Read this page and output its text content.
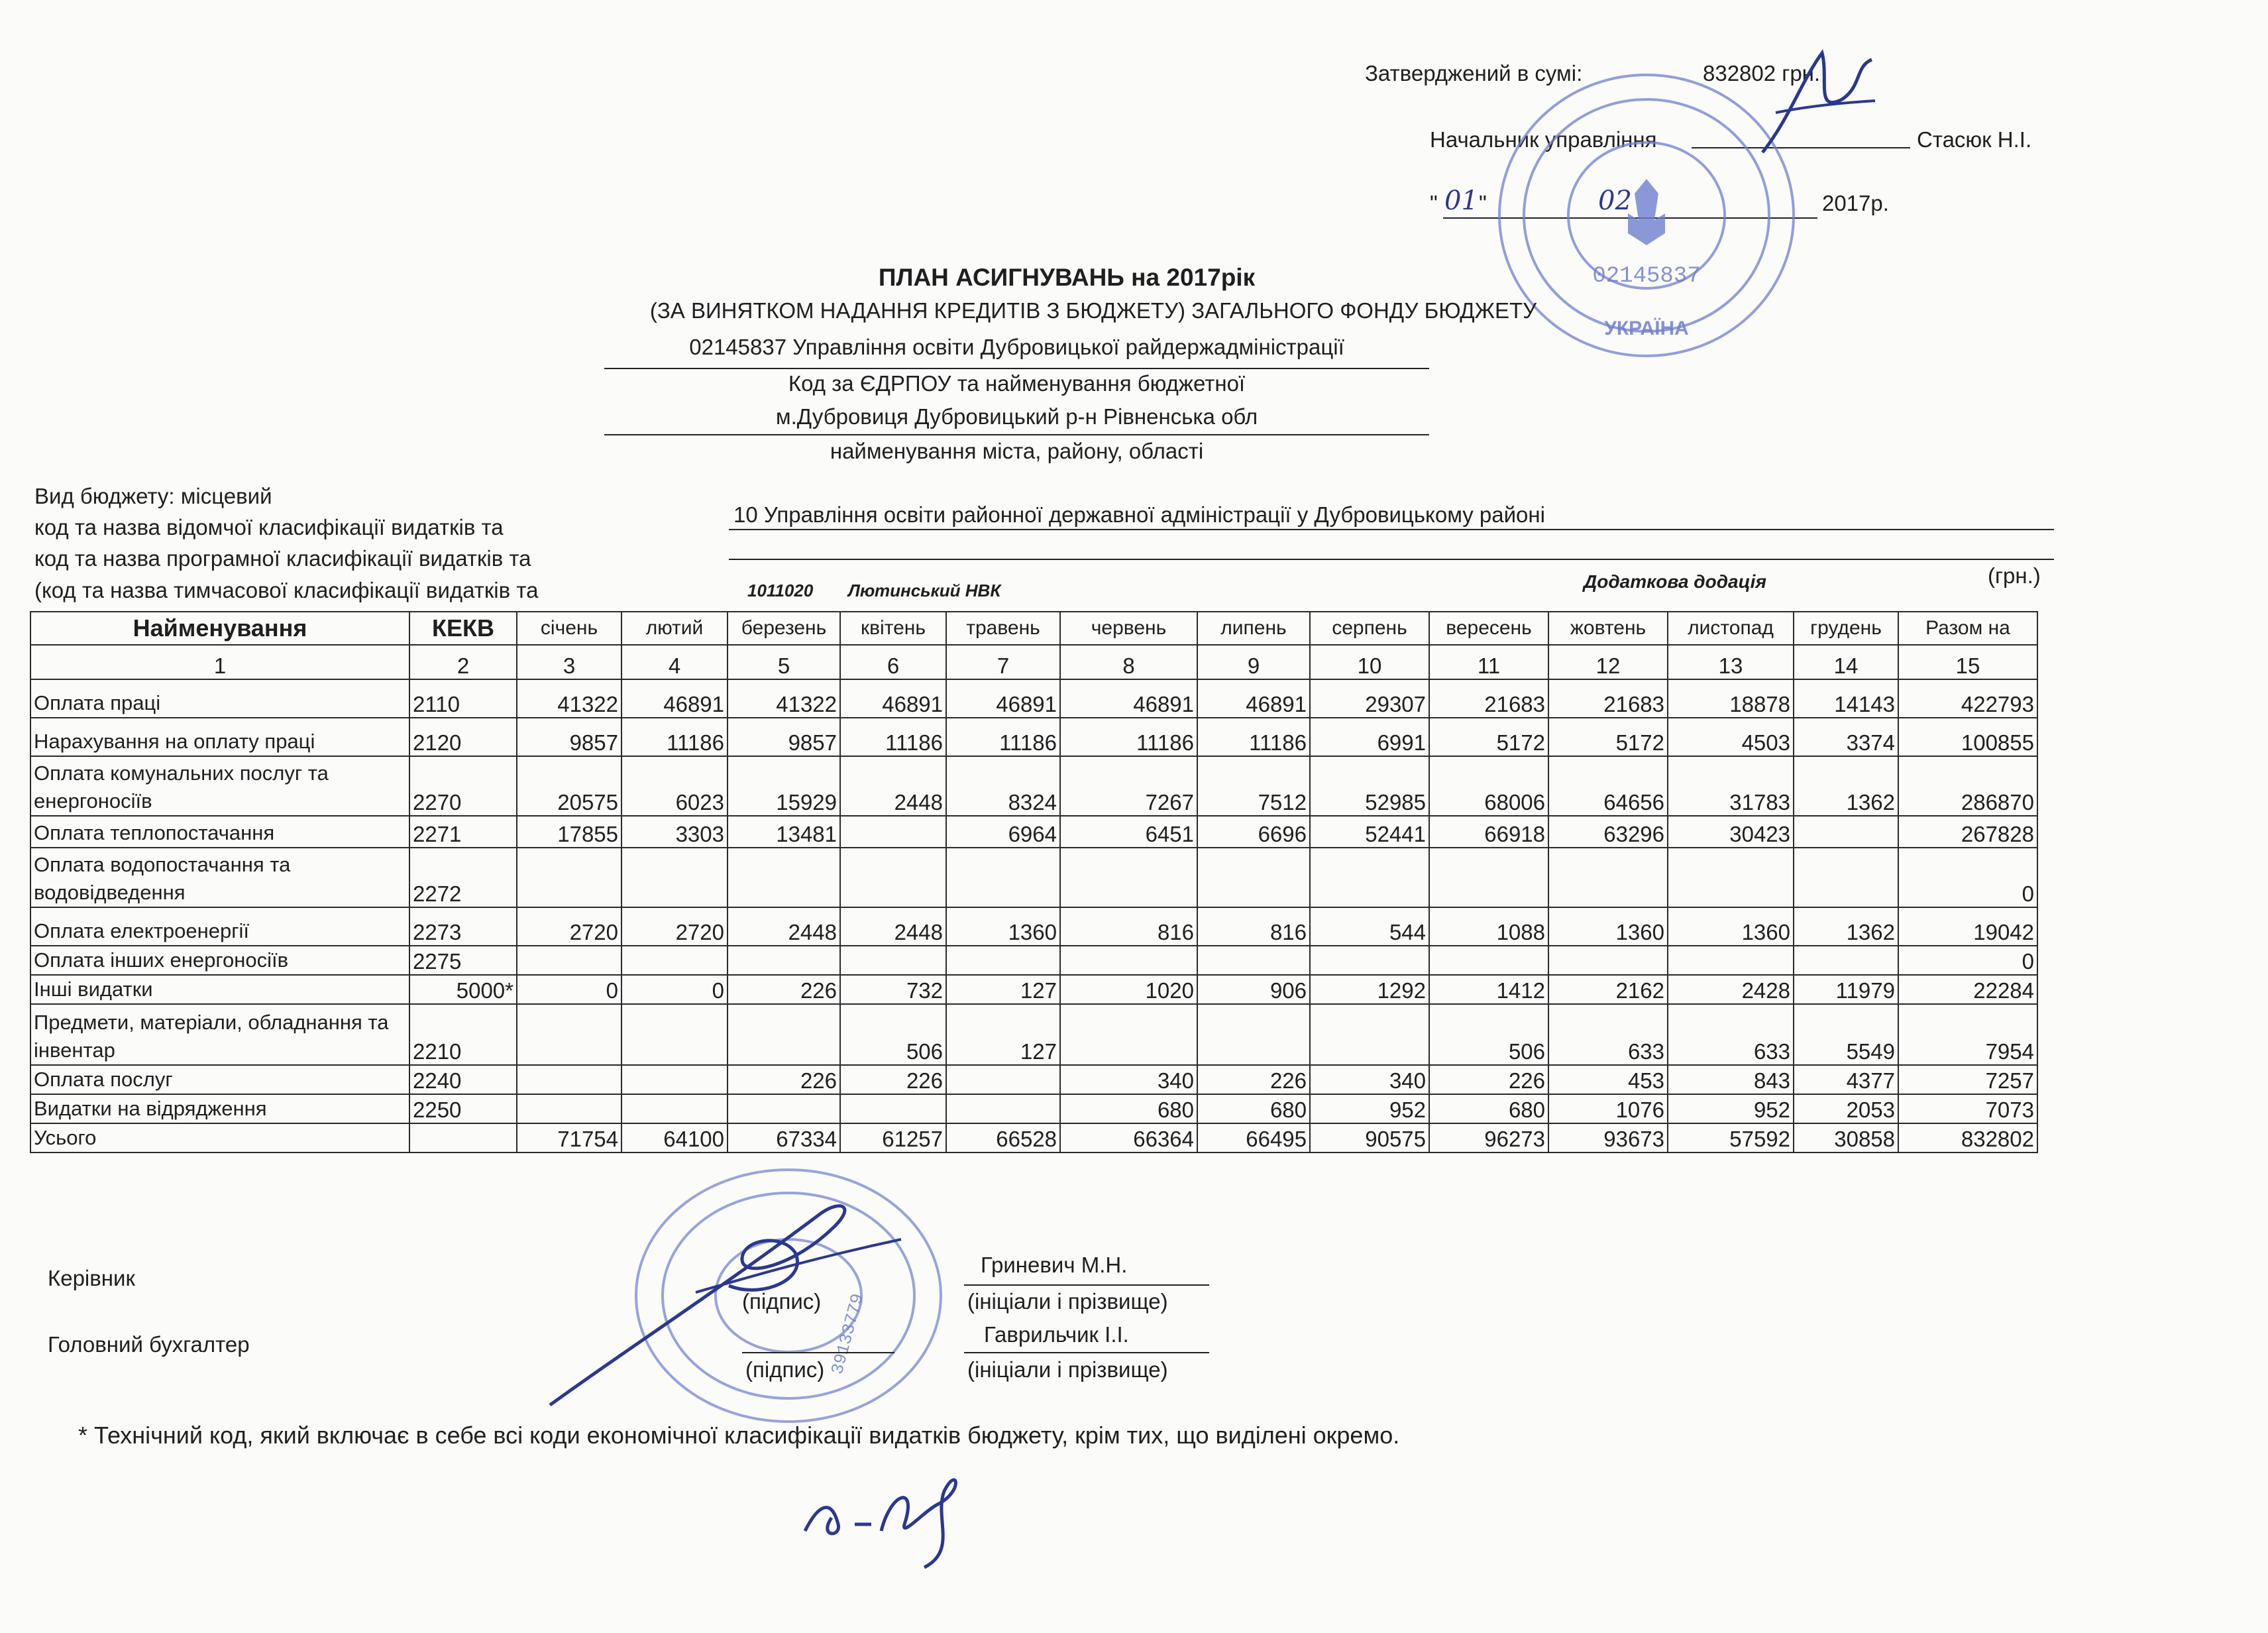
Затверджений в сумі:	832802 грн.
Начальник управління	Стасюк Н.І.
" 01 "	02	2017р.
02145837
УКРАЇНА
ПЛАН АСИГНУВАНЬ на 2017рік
(ЗА ВИНЯТКОМ НАДАННЯ КРЕДИТІВ З БЮДЖЕТУ) ЗАГАЛЬНОГО ФОНДУ БЮДЖЕТУ
02145837 Управління освіти Дубровицької райдержадміністрації
Код за ЄДРПОУ та найменування бюджетної
м.Дубровиця Дубровицький р-н Рівненська обл
найменування міста, району, області
Вид бюджету: місцевий
код та назва відомчої класифікації видатків та
код та назва програмної класифікації видатків та
(код та назва тимчасової класифікації видатків та
10 Управління освіти районної державної адміністрації у Дубровицькому районі
1011020 Лютинський НВК	Додаткова додація	(грн.)
Найменування	КЕКВ	січень	лютий	березень	квітень	травень	червень	липень	серпень	вересень	жовтень	листопад	грудень	Разом на
1	2	3	4	5	6	7	8	9	10	11	12	13	14	15
Оплата праці	2110	41322	46891	41322	46891	46891	46891	46891	29307	21683	21683	18878	14143	422793
Нарахування на оплату праці	2120	9857	11186	9857	11186	11186	11186	11186	6991	5172	5172	4503	3374	100855
Оплата комунальних послуг та енергоносіїв	2270	20575	6023	15929	2448	8324	7267	7512	52985	68006	64656	31783	1362	286870
Оплата теплопостачання	2271	17855	3303	13481		6964	6451	6696	52441	66918	63296	30423		267828
Оплата водопостачання та водовідведення	2272													0
Оплата електроенергії	2273	2720	2720	2448	2448	1360	816	816	544	1088	1360	1360	1362	19042
Оплата інших енергоносіїв	2275													0
Інші видатки	5000*	0	0	226	732	127	1020	906	1292	1412	2162	2428	11979	22284
Предмети, матеріали, обладнання та інвентар	2210				506	127				506	633	633	5549	7954
Оплата послуг	2240			226	226		340	226	340	226	453	843	4377	7257
Видатки на відрядження	2250						680	680	952	680	1076	952	2053	7073
Усього		71754	64100	67334	61257	66528	66364	66495	90575	96273	93673	57592	30858	832802
39133779
Керівник
Гриневич М.Н.
(підпис)	(ініціали і прізвище)
Головний бухгалтер	Гаврильчик І.І.
(підпис)	(ініціали і прізвище)
* Технічний код, який включає в себе всі коди економічної класифікації видатків бюджету, крім тих, що виділені окремо.
